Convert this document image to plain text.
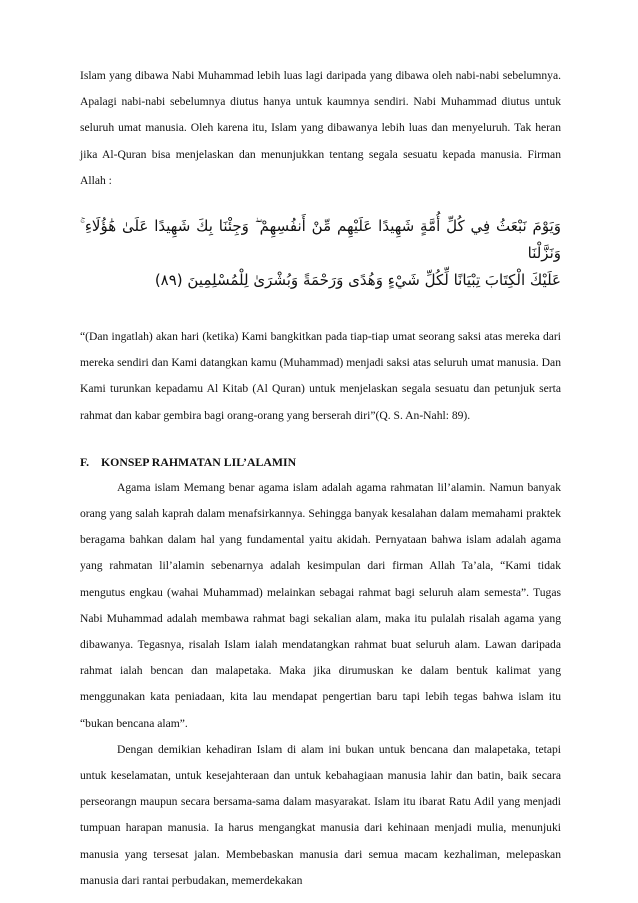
Islam yang dibawa Nabi Muhammad lebih luas lagi daripada yang dibawa oleh nabi-nabi sebelumnya. Apalagi nabi-nabi sebelumnya diutus hanya untuk kaumnya sendiri. Nabi Muhammad diutus untuk seluruh umat manusia. Oleh karena itu, Islam yang dibawanya lebih luas dan menyeluruh. Tak heran jika Al-Quran bisa menjelaskan dan menunjukkan tentang segala sesuatu kepada manusia. Firman Allah :

وَيَوْمَ نَبْعَثُ فِي كُلِّ أُمَّةٍ شَهِيدًا عَلَيْهِم مِّنْ أَنفُسِهِمْ ۖ وَجِئْنَا بِكَ شَهِيدًا عَلَىٰ هَٰؤُلَاءِ ۚ وَنَزَّلْنَا
عَلَيْكَ الْكِتَابَ تِبْيَانًا لِّكُلِّ شَيْءٍ وَهُدًى وَرَحْمَةً وَبُشْرَىٰ لِلْمُسْلِمِينَ (٨٩)

“(Dan ingatlah) akan hari (ketika) Kami bangkitkan pada tiap-tiap umat seorang saksi atas mereka dari mereka sendiri dan Kami datangkan kamu (Muhammad) menjadi saksi atas seluruh umat manusia. Dan Kami turunkan kepadamu Al Kitab (Al Quran) untuk menjelaskan segala sesuatu dan petunjuk serta rahmat dan kabar gembira bagi orang-orang yang berserah diri”(Q. S. An-Nahl: 89).

F. KONSEP RAHMATAN LIL’ALAMIN

Agama islam Memang benar agama islam adalah agama rahmatan lil’alamin. Namun banyak orang yang salah kaprah dalam menafsirkannya. Sehingga banyak kesalahan dalam memahami praktek beragama bahkan dalam hal yang fundamental yaitu akidah. Pernyataan bahwa islam adalah agama yang rahmatan lil’alamin sebenarnya adalah kesimpulan dari firman Allah Ta’ala, “Kami tidak mengutus engkau (wahai Muhammad) melainkan sebagai rahmat bagi seluruh alam semesta”. Tugas Nabi Muhammad adalah membawa rahmat bagi sekalian alam, maka itu pulalah risalah agama yang dibawanya. Tegasnya, risalah Islam ialah mendatangkan rahmat buat seluruh alam. Lawan daripada rahmat ialah bencan dan malapetaka. Maka jika dirumuskan ke dalam bentuk kalimat yang menggunakan kata peniadaan, kita lau mendapat pengertian baru tapi lebih tegas bahwa islam itu “bukan bencana alam”.

Dengan demikian kehadiran Islam di alam ini bukan untuk bencana dan malapetaka, tetapi untuk keselamatan, untuk kesejahteraan dan untuk kebahagiaan manusia lahir dan batin, baik secara perseorangn maupun secara bersama-sama dalam masyarakat. Islam itu ibarat Ratu Adil yang menjadi tumpuan harapan manusia. Ia harus mengangkat manusia dari kehinaan menjadi mulia, menunjuki manusia yang tersesat jalan. Membebaskan manusia dari semua macam kezhaliman, melepaskan manusia dari rantai perbudakan, memerdekakan
